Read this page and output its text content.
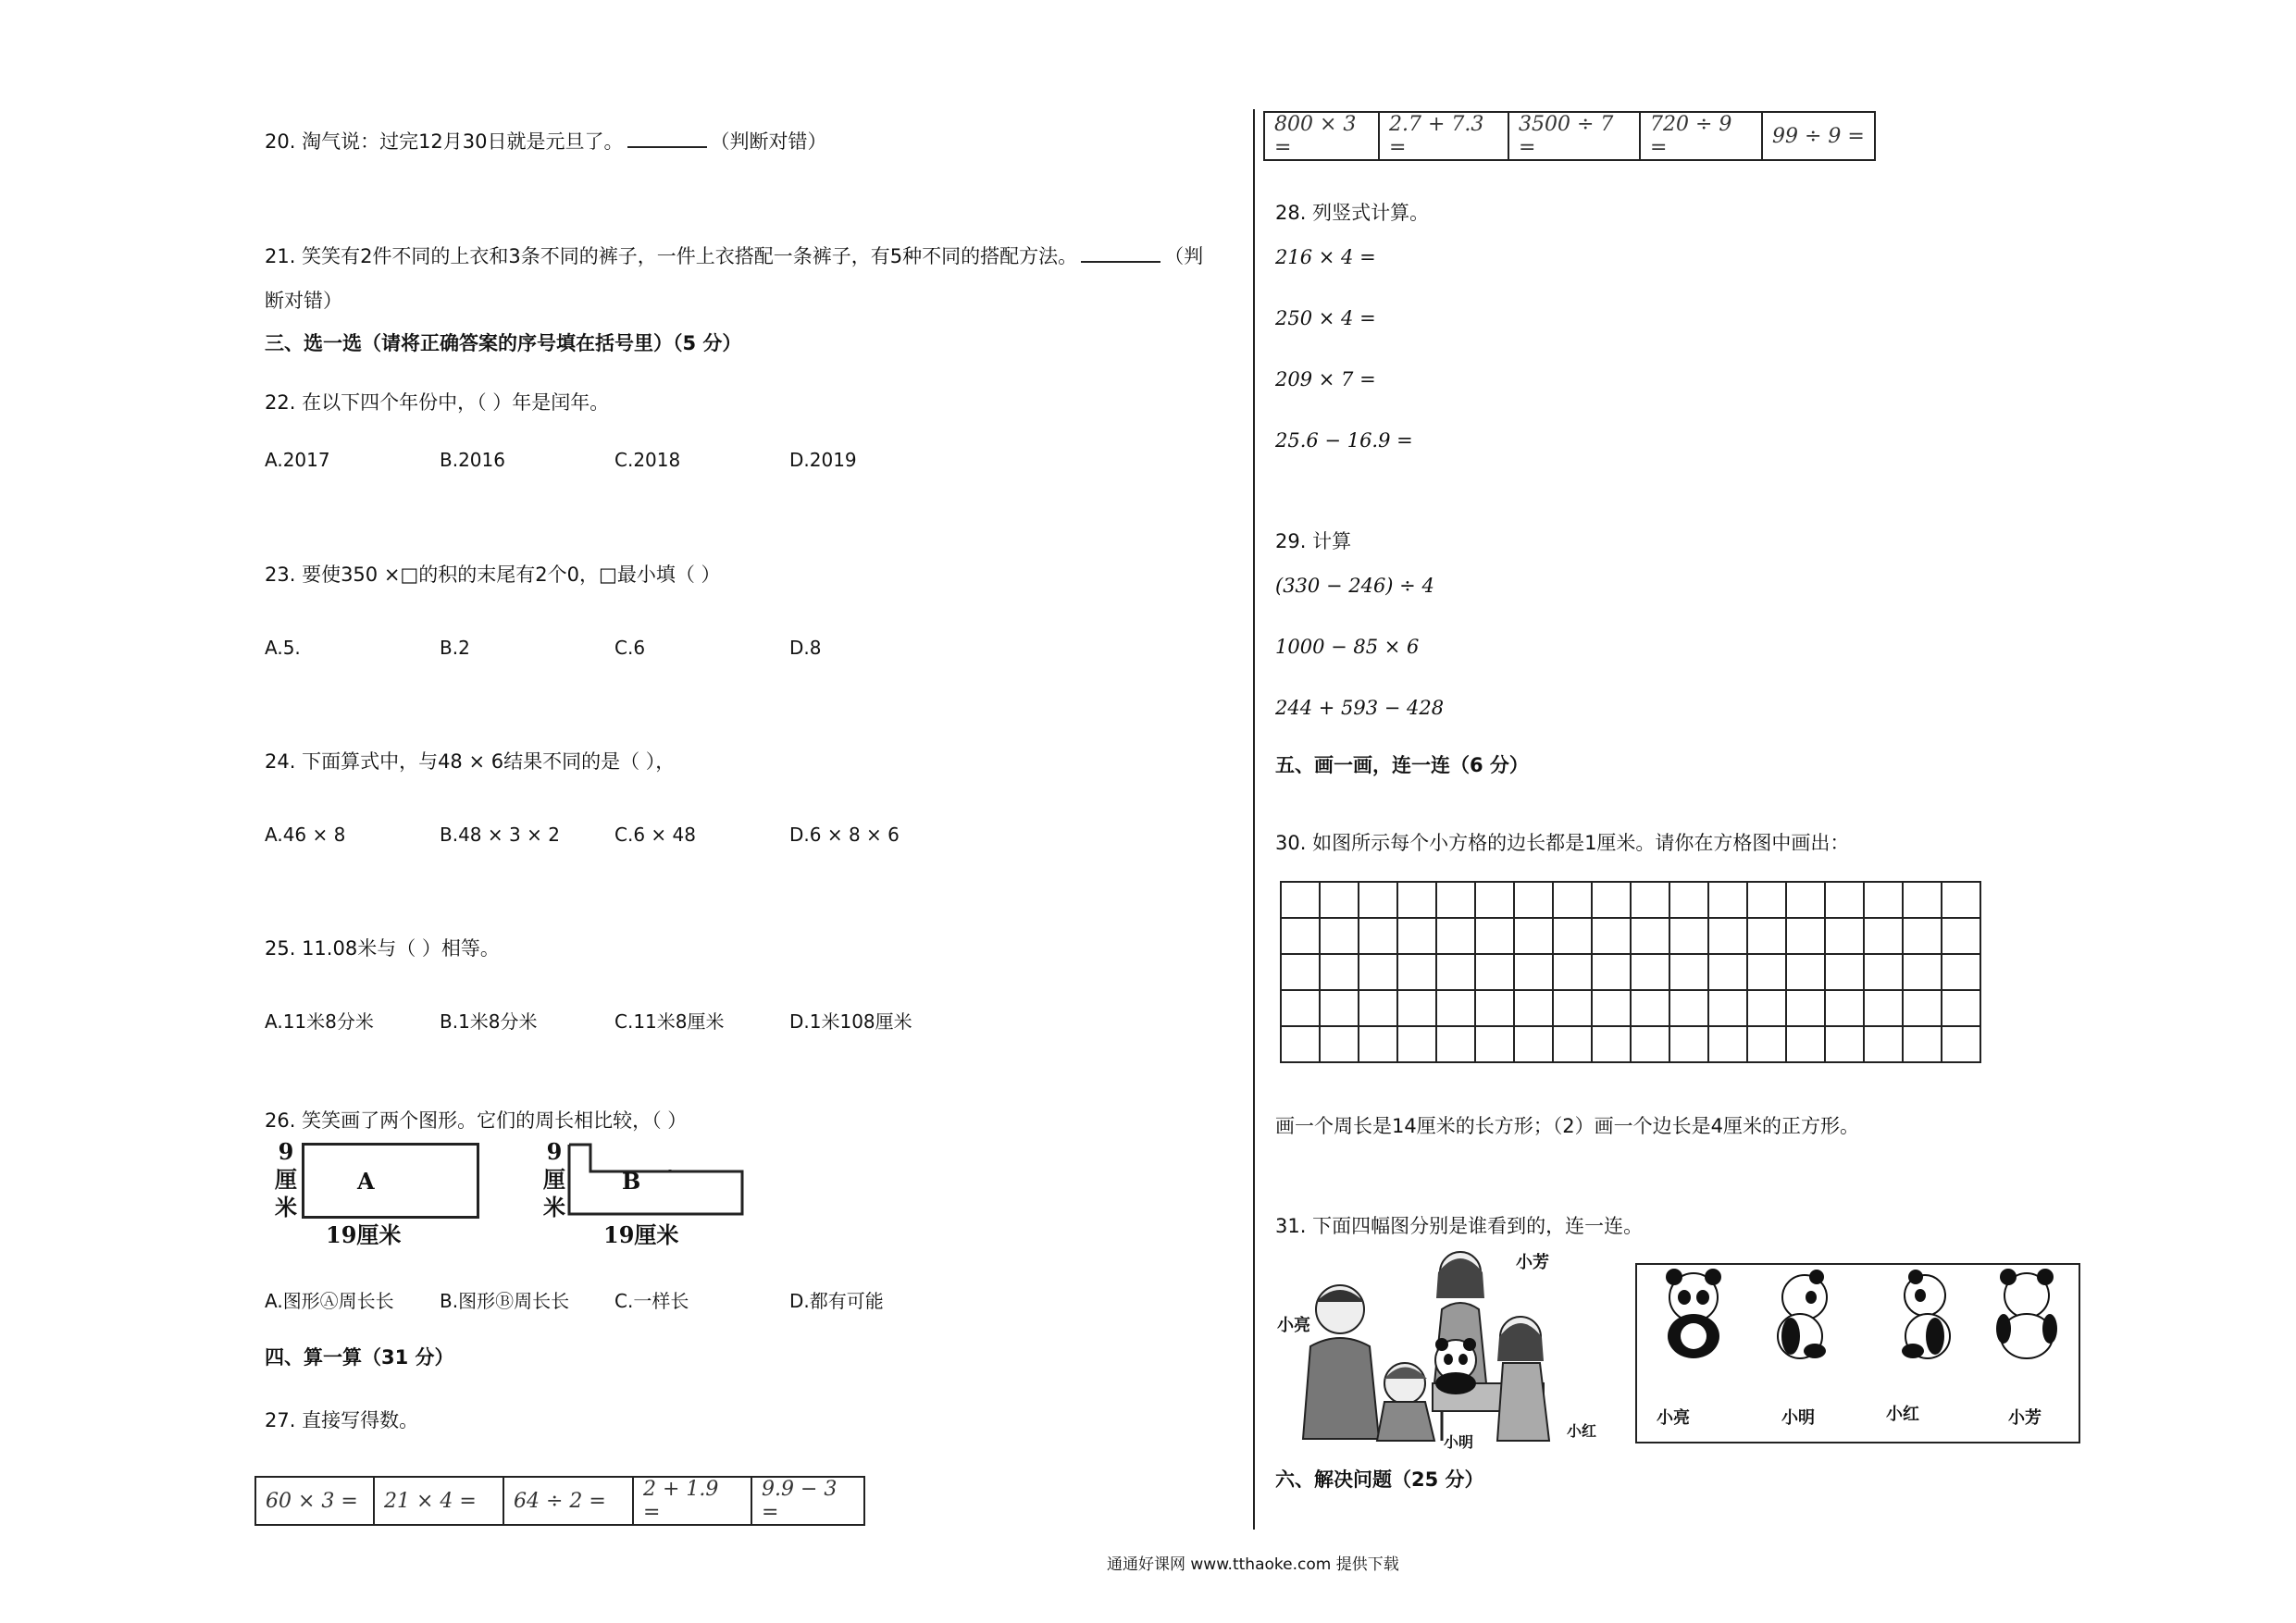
20. 淘气说：过完12月30日就是元旦了。	（判断对错）
21. 笑笑有2件不同的上衣和3条不同的裤子，一件上衣搭配一条裤子，有5种不同的搭配方法。	（判
断对错）
三、选一选（请将正确答案的序号填在括号里）（5 分）
22. 在以下四个年份中，（ ）年是闰年。
A.2017	B.2016	C.2018	D.2019
23. 要使350 ×□的积的末尾有2个0，□最小填（ ）
A.5.	B.2	C.6	D.8
24. 下面算式中，与48 × 6结果不同的是（ ），
A.46 × 8	B.48 × 3 × 2	C.6 × 48	D.6 × 8 × 6
25. 11.08米与（ ）相等。
A.11米8分米	B.1米8分米	C.11米8厘米	D.1米108厘米
26. 笑笑画了两个图形。它们的周长相比较，（ ）
9厘米
A
19厘米
9厘米
B
19厘米
A.图形Ⓐ周长长 B.图形Ⓑ周长长 C.一样长	D.都有可能
四、算一算（31 分）
27. 直接写得数。
60 × 3 =	21 × 4 =	64 ÷ 2 =	2 + 1.9 =	9.9 − 3 =
800 × 3 =	2.7 + 7.3 =	3500 ÷ 7 =	720 ÷ 9 =	99 ÷ 9 =
28. 列竖式计算。
216 × 4 =
250 × 4 =
209 × 7 =
25.6 − 16.9 =
29. 计算
(330 − 246) ÷ 4
1000 − 85 × 6
244 + 593 − 428
五、画一画，连一连（6 分）
30. 如图所示每个小方格的边长都是1厘米。请你在方格图中画出：

画一个周长是14厘米的长方形；（2）画一个边长是4厘米的正方形。
31. 下面四幅图分别是谁看到的，连一连。
小芳
小亮
小明
小红
小亮	小明	小红	小芳
六、解决问题（25 分）
通通好课网 www.tthaoke.com 提供下载
